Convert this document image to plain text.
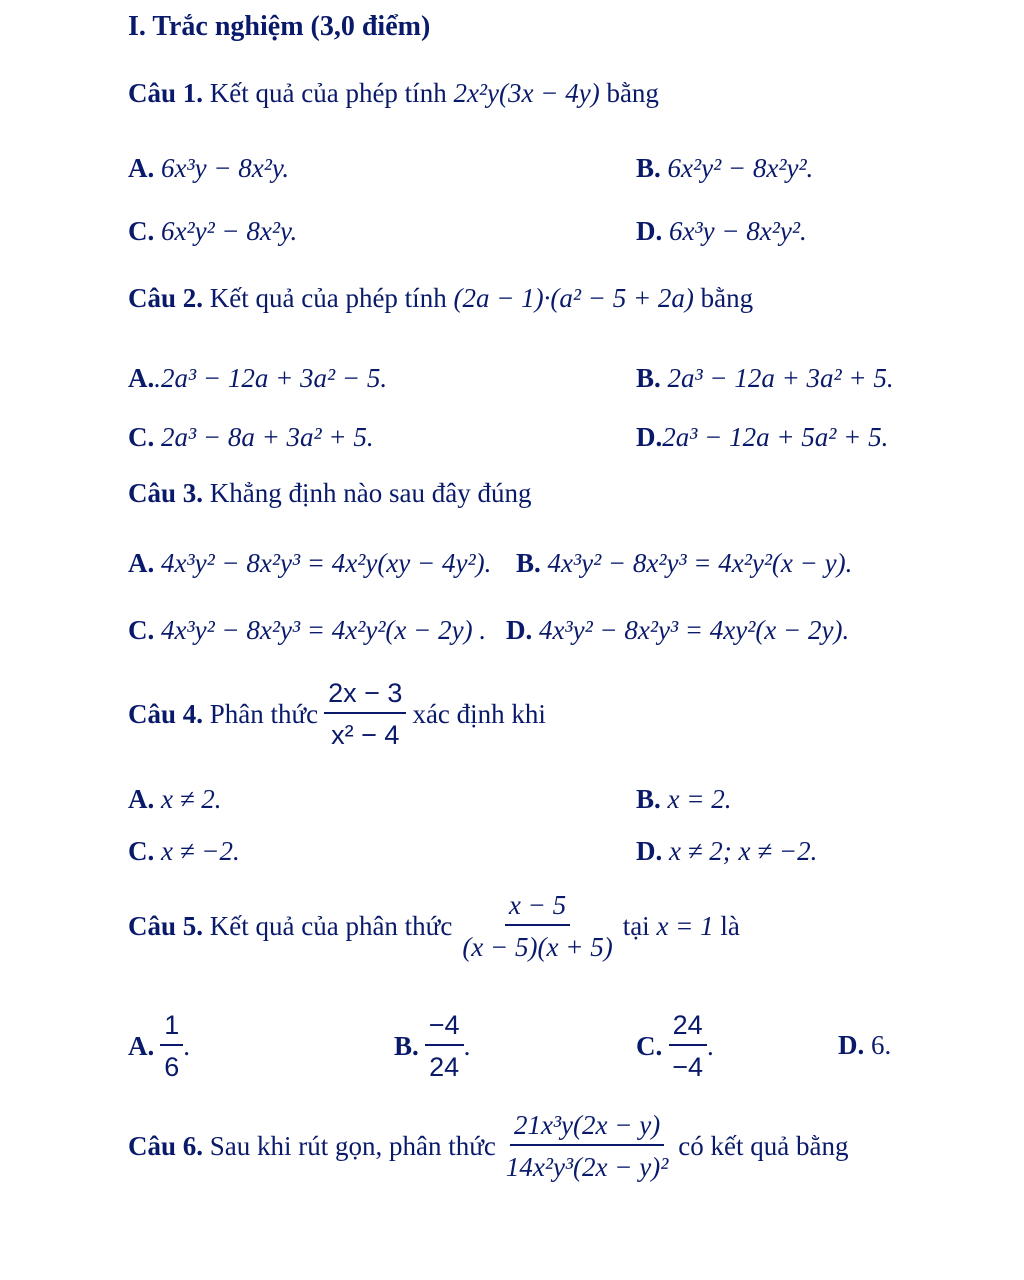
I. Trắc nghiệm (3,0 điểm)
Câu 1. Kết quả của phép tính 2x²y(3x − 4y) bằng
A. 6x³y − 8x²y.	B. 6x²y² − 8x²y².
C. 6x²y² − 8x²y.	D. 6x³y − 8x²y².
Câu 2. Kết quả của phép tính (2a − 1)·(a² − 5 + 2a) bằng
A..2a³ − 12a + 3a² − 5.	B. 2a³ − 12a + 3a² + 5.
C. 2a³ − 8a + 3a² + 5.	D.2a³ − 12a + 5a² + 5.
Câu 3. Khẳng định nào sau đây đúng
A. 4x³y² − 8x²y³ = 4x²y(xy − 4y²). B. 4x³y² − 8x²y³ = 4x²y²(x − y).
C. 4x³y² − 8x²y³ = 4x²y²(x − 2y) . D. 4x³y² − 8x²y³ = 4xy²(x − 2y).
Câu 4.
Phân thức $\frac{2x - 3}{\text{x² − 4}}$ xác định khi
A. x ≠ 2.	B. x = 2.
C. x ≠ −2.	D. x ≠ 2; x ≠ −2.
Câu 5.
Kết quả của phân thức $\frac{x - 5}{(x - 5)(x + 5)}$ tại
x = 1
là
A. $\frac{1}{6}$ .	B. $\frac{-4}{24}$ .	C. $\frac{24}{-4}$ .	D. 6.
Câu 6.
Sau khi rút gọn, phân thức $\frac{\text{21x³y(2x − y)}}{\text{14x²y³(2x − y)²}}$ có kết quả bằng
